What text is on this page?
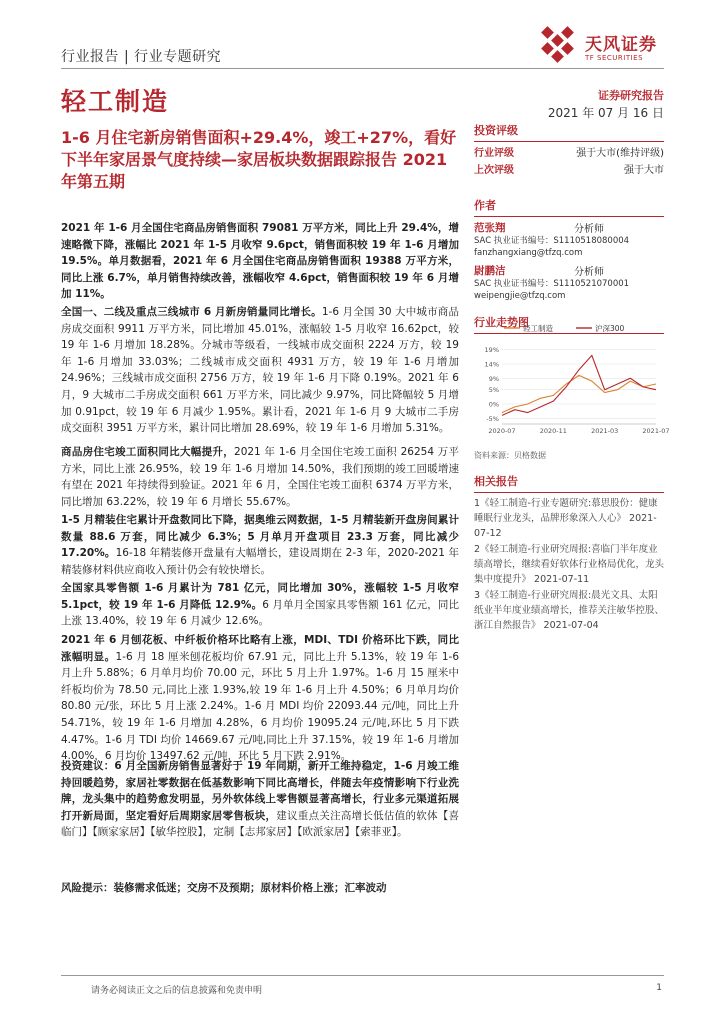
行业报告 | 行业专题研究
天风证券
TF SECURITIES
轻工制造	证券研究报告
2021 年 07 月 16 日
1-6 月住宅新房销售面积+29.4%，竣工+27%，看好下半年家居景气度持续—家居板块数据跟踪报告 2021 年第五期
2021 年 1-6 月全国住宅商品房销售面积 79081 万平方米，同比上升 29.4%，增速略微下降，涨幅比 2021 年 1-5 月收窄 9.6pct，销售面积较 19 年 1-6 月增加 19.5%。单月数据看，2021 年 6 月全国住宅商品房销售面积 19388 万平方米，同比上涨 6.7%，单月销售持续改善，涨幅收窄 4.6pct，销售面积较 19 年 6 月增加 11%。
全国一、二线及重点三线城市 6 月新房销量同比增长。1-6 月全国 30 大中城市商品房成交面积 9911 万平方米，同比增加 45.01%，涨幅较 1-5 月收窄 16.62pct，较 19 年 1-6 月增加 18.28%。分城市等级看，一线城市成交面积 2224 万方，较 19 年 1-6 月增加 33.03%；二线城市成交面积 4931 万方，较 19 年 1-6 月增加 24.96%；三线城市成交面积 2756 万方，较 19 年 1-6 月下降 0.19%。2021 年 6 月，9 大城市二手房成交面积 661 万平方米，同比减少 9.97%，同比降幅较 5 月增加 0.91pct，较 19 年 6 月减少 1.95%。累计看，2021 年 1-6 月 9 大城市二手房成交面积 3951 万平方米，累计同比增加 28.69%，较 19 年 1-6 月增加 5.31%。
商品房住宅竣工面积同比大幅提升，2021 年 1-6 月全国住宅竣工面积 26254 万平方米，同比上涨 26.95%，较 19 年 1-6 月增加 14.50%，我们预期的竣工回暖增速有望在 2021 年持续得到验证。2021 年 6 月，全国住宅竣工面积 6374 万平方米，同比增加 63.22%，较 19 年 6 月增长 55.67%。
1-5 月精装住宅累计开盘数同比下降，据奥维云网数据，1-5 月精装新开盘房间累计数量 88.6 万套，同比减少 6.3%；5 月单月开盘项目 23.3 万套，同比减少 17.20%。16-18 年精装修开盘量有大幅增长，建设周期在 2-3 年，2020-2021 年精装修材料供应商收入预计仍会有较快增长。
全国家具零售额 1-6 月累计为 781 亿元，同比增加 30%，涨幅较 1-5 月收窄 5.1pct，较 19 年 1-6 月降低 12.9%。6 月单月全国家具零售额 161 亿元，同比上涨 13.40%，较 19 年 6 月减少 12.6%。
2021 年 6 月刨花板、中纤板价格环比略有上涨，MDI、TDI 价格环比下跌，同比涨幅明显。1-6 月 18 厘米刨花板均价 67.91 元，同比上升 5.13%，较 19 年 1-6 月上升 5.88%；6 月单月均价 70.00 元，环比 5 月上升 1.97%。1-6 月 15 厘米中纤板均价为 78.50 元,同比上涨 1.93%,较 19 年 1-6 月上升 4.50%；6 月单月均价 80.80 元/张，环比 5 月上涨 2.24%。1-6 月 MDI 均价 22093.44 元/吨，同比上升 54.71%，较 19 年 1-6 月增加 4.28%，6 月均价 19095.24 元/吨,环比 5 月下跌 4.47%。1-6 月 TDI 均价 14669.67 元/吨,同比上升 37.15%，较 19 年 1-6 月增加 4.00%，6 月均价 13497.62 元/吨，环比 5 月下跌 2.91%。
投资建议：6 月全国新房销售显著好于 19 年同期，新开工维持稳定，1-6 月竣工维持回暖趋势，家居社零数据在低基数影响下同比高增长，伴随去年疫情影响下行业洗牌，龙头集中的趋势愈发明显，另外软体线上零售额显著高增长，行业多元渠道拓展打开新局面，坚定看好后周期家居零售板块，建议重点关注高增长低估值的软体【喜临门】【顾家家居】【敏华控股】，定制【志邦家居】【欧派家居】【索菲亚】。
风险提示：装修需求低迷；交房不及预期；原材料价格上涨；汇率波动
投资评级
行业评级	强于大市(维持评级)
上次评级	强于大市
作者
范张翔	分析师
SAC 执业证书编号：S1110518080004
fanzhangxiang@tfzq.com
尉鹏洁	分析师
SAC 执业证书编号：S1110521070001
weipengjie@tfzq.com
行业走势图
19%
14%
9%
5%
0%
-5%
2020-07	2020-11	2021-03	2021-07
轻工制造	沪深300
资料来源：贝格数据
相关报告
1《轻工制造-行业专题研究:慕思股份：健康睡眠行业龙头，品牌形象深入人心》 2021-07-12
2《轻工制造-行业研究周报:喜临门半年度业绩高增长，继续看好软体行业格局优化，龙头集中度提升》 2021-07-11
3《轻工制造-行业研究周报:晨光文具、太阳纸业半年度业绩高增长，推荐关注敏华控股、浙江自然报告》 2021-07-04
请务必阅读正文之后的信息披露和免责申明	1
